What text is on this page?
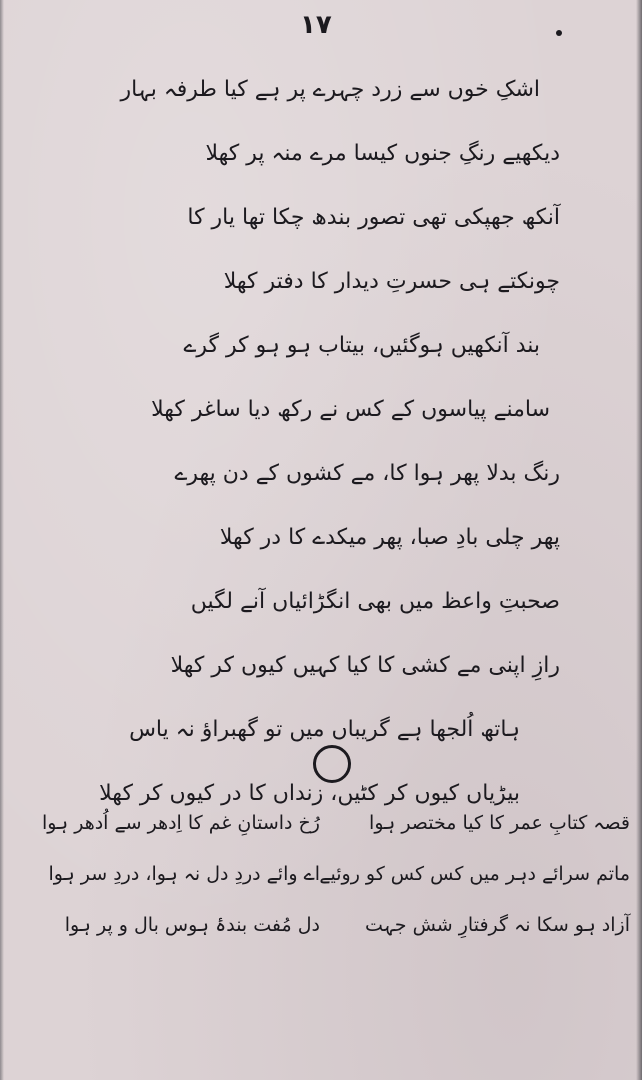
۱۷
اشکِ خوں سے زرد چہرے پر ہے کیا طرفہ بہار
دیکھیے رنگِ جنوں کیسا مرے منہ پر کھلا
آنکھ جھپکی تھی تصور بندھ چکا تھا یار کا
چونکتے ہی حسرتِ دیدار کا دفتر کھلا
بند آنکھیں ہوگئیں، بیتاب ہو ہو کر گرے
سامنے پیاسوں کے کس نے رکھ دیا ساغر کھلا
رنگ بدلا پھر ہوا کا، مے کشوں کے دن پھرے
پھر چلی بادِ صبا، پھر میکدے کا در کھلا
صحبتِ واعظ میں بھی انگڑائیاں آنے لگیں
رازِ اپنی مے کشی کا کیا کہیں کیوں کر کھلا
ہاتھ اُلجھا ہے گریباں میں تو گھبراؤ نہ یاس
بیڑیاں کیوں کر کٹیں، زنداں کا در کیوں کر کھلا
قصہ کتابِ عمر کا کیا مختصر ہوا
ماتم سرائے دہر میں کس کس کو روئیے
آزاد ہو سکا نہ گرفتارِ شش جہت
رُخ داستانِ غم کا اِدھر سے اُدھر ہوا
اے وائے دردِ دل نہ ہوا، دردِ سر ہوا
دل مُفت بندۂ ہوس بال و پر ہوا
